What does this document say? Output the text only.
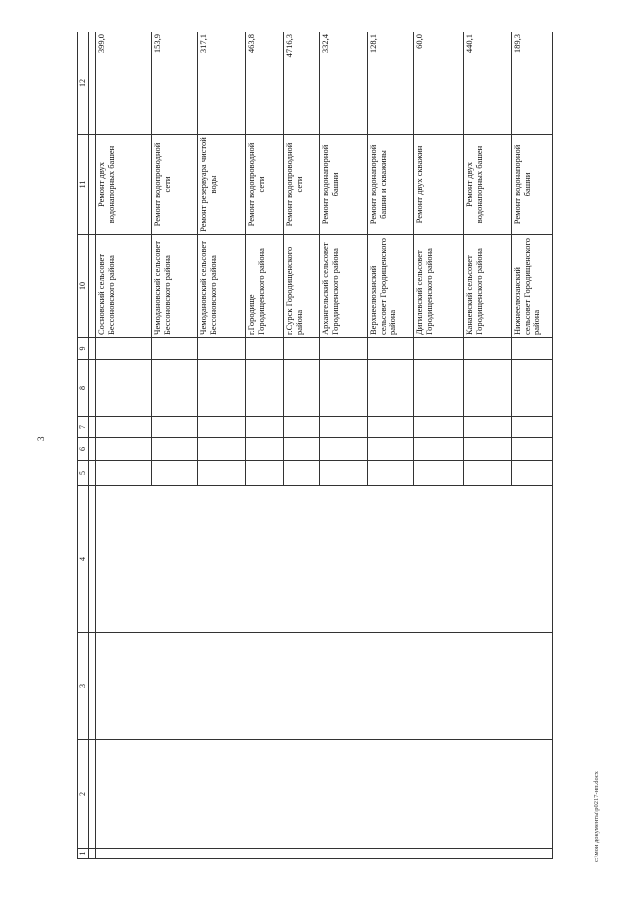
3
1	2	3	4	5	6	7	8	9	10	11	12

									Сосновский сельсовет Бессоновского района	Ремонт двух водонапорных башен	399,0
									Чемодановский сельсовет Бессоновского района	Ремонт водопроводной сети	153,9
									Чемодановский сельсовет Бессоновского района	Ремонт резервуара чистой воды	317,1
									г.Городище Городищенского района	Ремонт водопроводной сети	463,8
									г.Сурск Городищенского района	Ремонт водопроводной сети	4716,3
									Архангельский сельсовет Городищенского района	Ремонт водонапорной башни	332,4
									Верхнеелюзанский сельсовет Городищенского района	Ремонт водонапорной башни и скважины	128,1
									Дигилевский сельсовет Городищенского района	Ремонт двух скважин	60,0
									Канаевский сельсовет Городищенского района	Ремонт двух водонапорных башен	440,1
									Нижнеелюзанский сельсовет Городищенского района	Ремонт водонапорной башни	189,3
c:\мои документы\p0217-нп.docx
